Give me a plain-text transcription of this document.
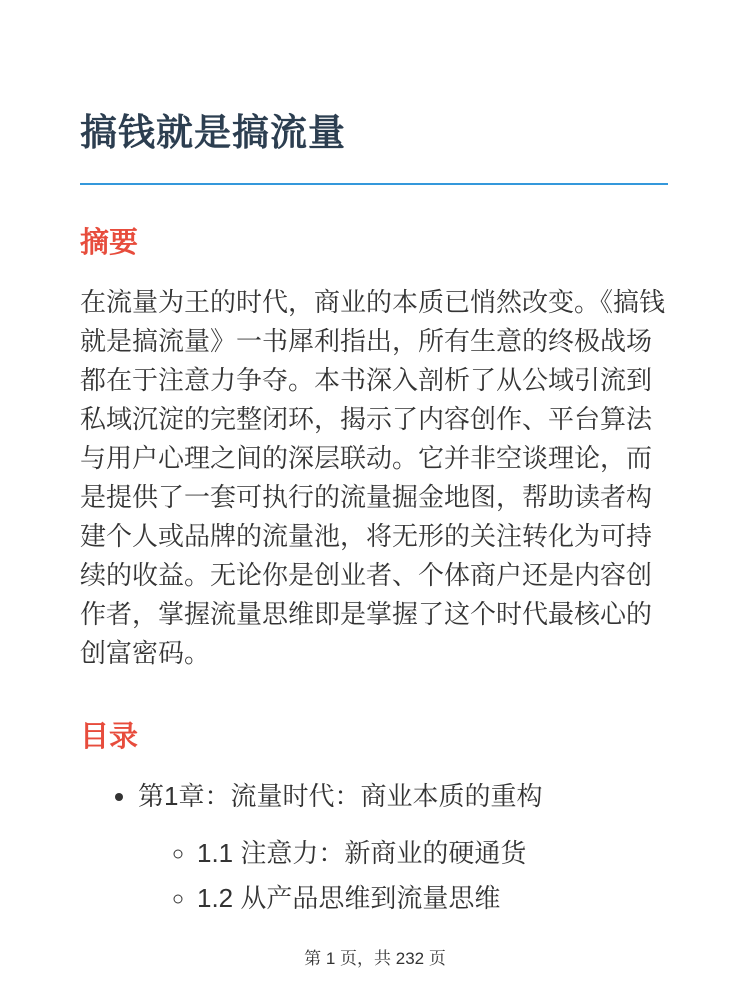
搞钱就是搞流量
摘要

在流量为王的时代，商业的本质已悄然改变。《搞钱就是搞流量》一书犀利指出，所有生意的终极战场都在于注意力争夺。本书深入剖析了从公域引流到私域沉淀的完整闭环，揭示了内容创作、平台算法与用户心理之间的深层联动。它并非空谈理论，而是提供了一套可执行的流量掘金地图，帮助读者构建个人或品牌的流量池，将无形的关注转化为可持续的收益。无论你是创业者、个体商户还是内容创作者，掌握流量思维即是掌握了这个时代最核心的创富密码。

目录
• 第1章：流量时代：商业本质的重构
◦ 1.1 注意力：新商业的硬通货
◦ 1.2 从产品思维到流量思维
第 1 页，共 232 页
